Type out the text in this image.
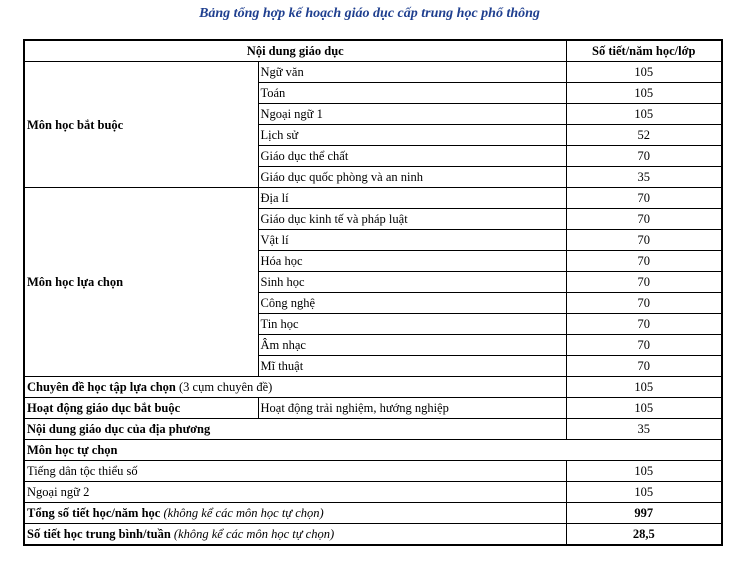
Bảng tổng hợp kế hoạch giáo dục cấp trung học phổ thông
Nội dung giáo dục		Số tiết/năm học/lớp
Môn học bắt buộc	Ngữ văn	105
	Toán	105
	Ngoại ngữ 1	105
	Lịch sử	52
	Giáo dục thể chất	70
	Giáo dục quốc phòng và an ninh	35
Môn học lựa chọn	Địa lí	70
	Giáo dục kinh tế và pháp luật	70
	Vật lí	70
	Hóa học	70
	Sinh học	70
	Công nghệ	70
	Tin học	70
	Âm nhạc	70
	Mĩ thuật	70
Chuyên đề học tập lựa chọn (3 cụm chuyên đề)		105
Hoạt động giáo dục bắt buộc	Hoạt động trải nghiệm, hướng nghiệp	105
Nội dung giáo dục của địa phương		35
Môn học tự chọn		
Tiếng dân tộc thiểu số		105
Ngoại ngữ 2		105
Tổng số tiết học/năm học (không kể các môn học tự chọn)		997
Số tiết học trung bình/tuần (không kể các môn học tự chọn)		28,5
